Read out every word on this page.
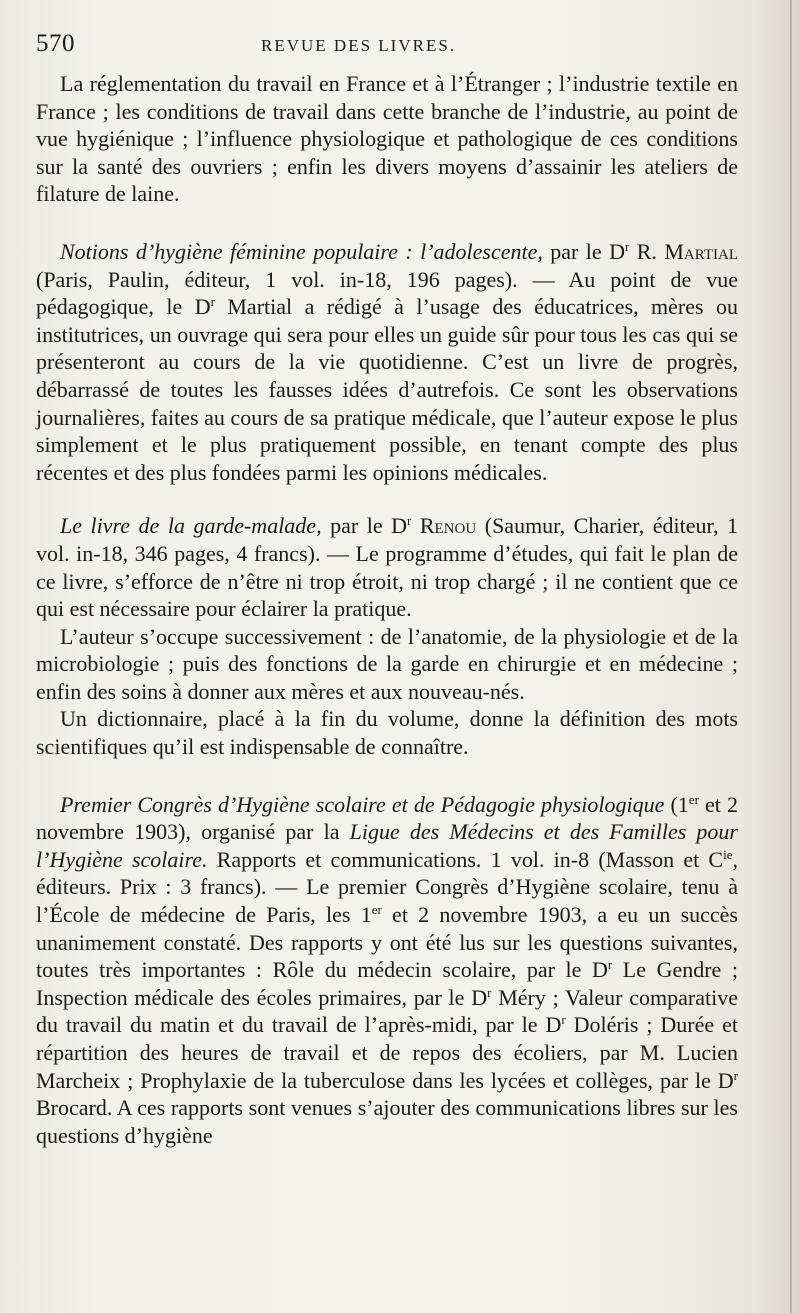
570	REVUE DES LIVRES.

La réglementation du travail en France et à l’Étranger ; l’industrie textile en France ; les conditions de travail dans cette branche de l’industrie, au point de vue hygiénique ; l’influence physiologique et pathologique de ces conditions sur la santé des ouvriers ; enfin les divers moyens d’assainir les ateliers de filature de laine.

Notions d’hygiène féminine populaire : l’adolescente, par le $D^r$ R. Martial (Paris, Paulin, éditeur, 1 vol. in-18, 196 pages). — Au point de vue pédagogique, le $D^r$ Martial a rédigé à l’usage des éducatrices, mères ou institutrices, un ouvrage qui sera pour elles un guide sûr pour tous les cas qui se présenteront au cours de la vie quotidienne. C’est un livre de progrès, débarrassé de toutes les fausses idées d’autrefois. Ce sont les observations journalières, faites au cours de sa pratique médicale, que l’auteur expose le plus simplement et le plus pratiquement possible, en tenant compte des plus récentes et des plus fondées parmi les opinions médicales.

Le livre de la garde-malade, par le $D^r$ Renou (Saumur, Charier, éditeur, 1 vol. in-18, 346 pages, 4 francs). — Le programme d’études, qui fait le plan de ce livre, s’efforce de n’être ni trop étroit, ni trop chargé ; il ne contient que ce qui est nécessaire pour éclairer la pratique.

L’auteur s’occupe successivement : de l’anatomie, de la physiologie et de la microbiologie ; puis des fonctions de la garde en chirurgie et en médecine ; enfin des soins à donner aux mères et aux nouveau-nés.

Un dictionnaire, placé à la fin du volume, donne la définition des mots scientifiques qu’il est indispensable de connaître.

Premier Congrès d’Hygiène scolaire et de Pédagogie physiologique (1er et 2 novembre 1903), organisé par la Ligue des Médecins et des Familles pour l’Hygiène scolaire. Rapports et communications. 1 vol. in-8 (Masson et $C^{ie}$, éditeurs. Prix : 3 francs). — Le premier Congrès d’Hygiène scolaire, tenu à l’École de médecine de Paris, les 1er et 2 novembre 1903, a eu un succès unanimement constaté. Des rapports y ont été lus sur les questions suivantes, toutes très importantes : Rôle du médecin scolaire, par le $D^r$ Le Gendre ; Inspection médicale des écoles primaires, par le $D^r$ Méry ; Valeur comparative du travail du matin et du travail de l’après-midi, par le $D^r$ Doléris ; Durée et répartition des heures de travail et de repos des écoliers, par M. Lucien Marcheix ; Prophylaxie de la tuberculose dans les lycées et collèges, par le $D^r$ Brocard. A ces rapports sont venues s’ajouter des communications libres sur les questions d’hygiène
